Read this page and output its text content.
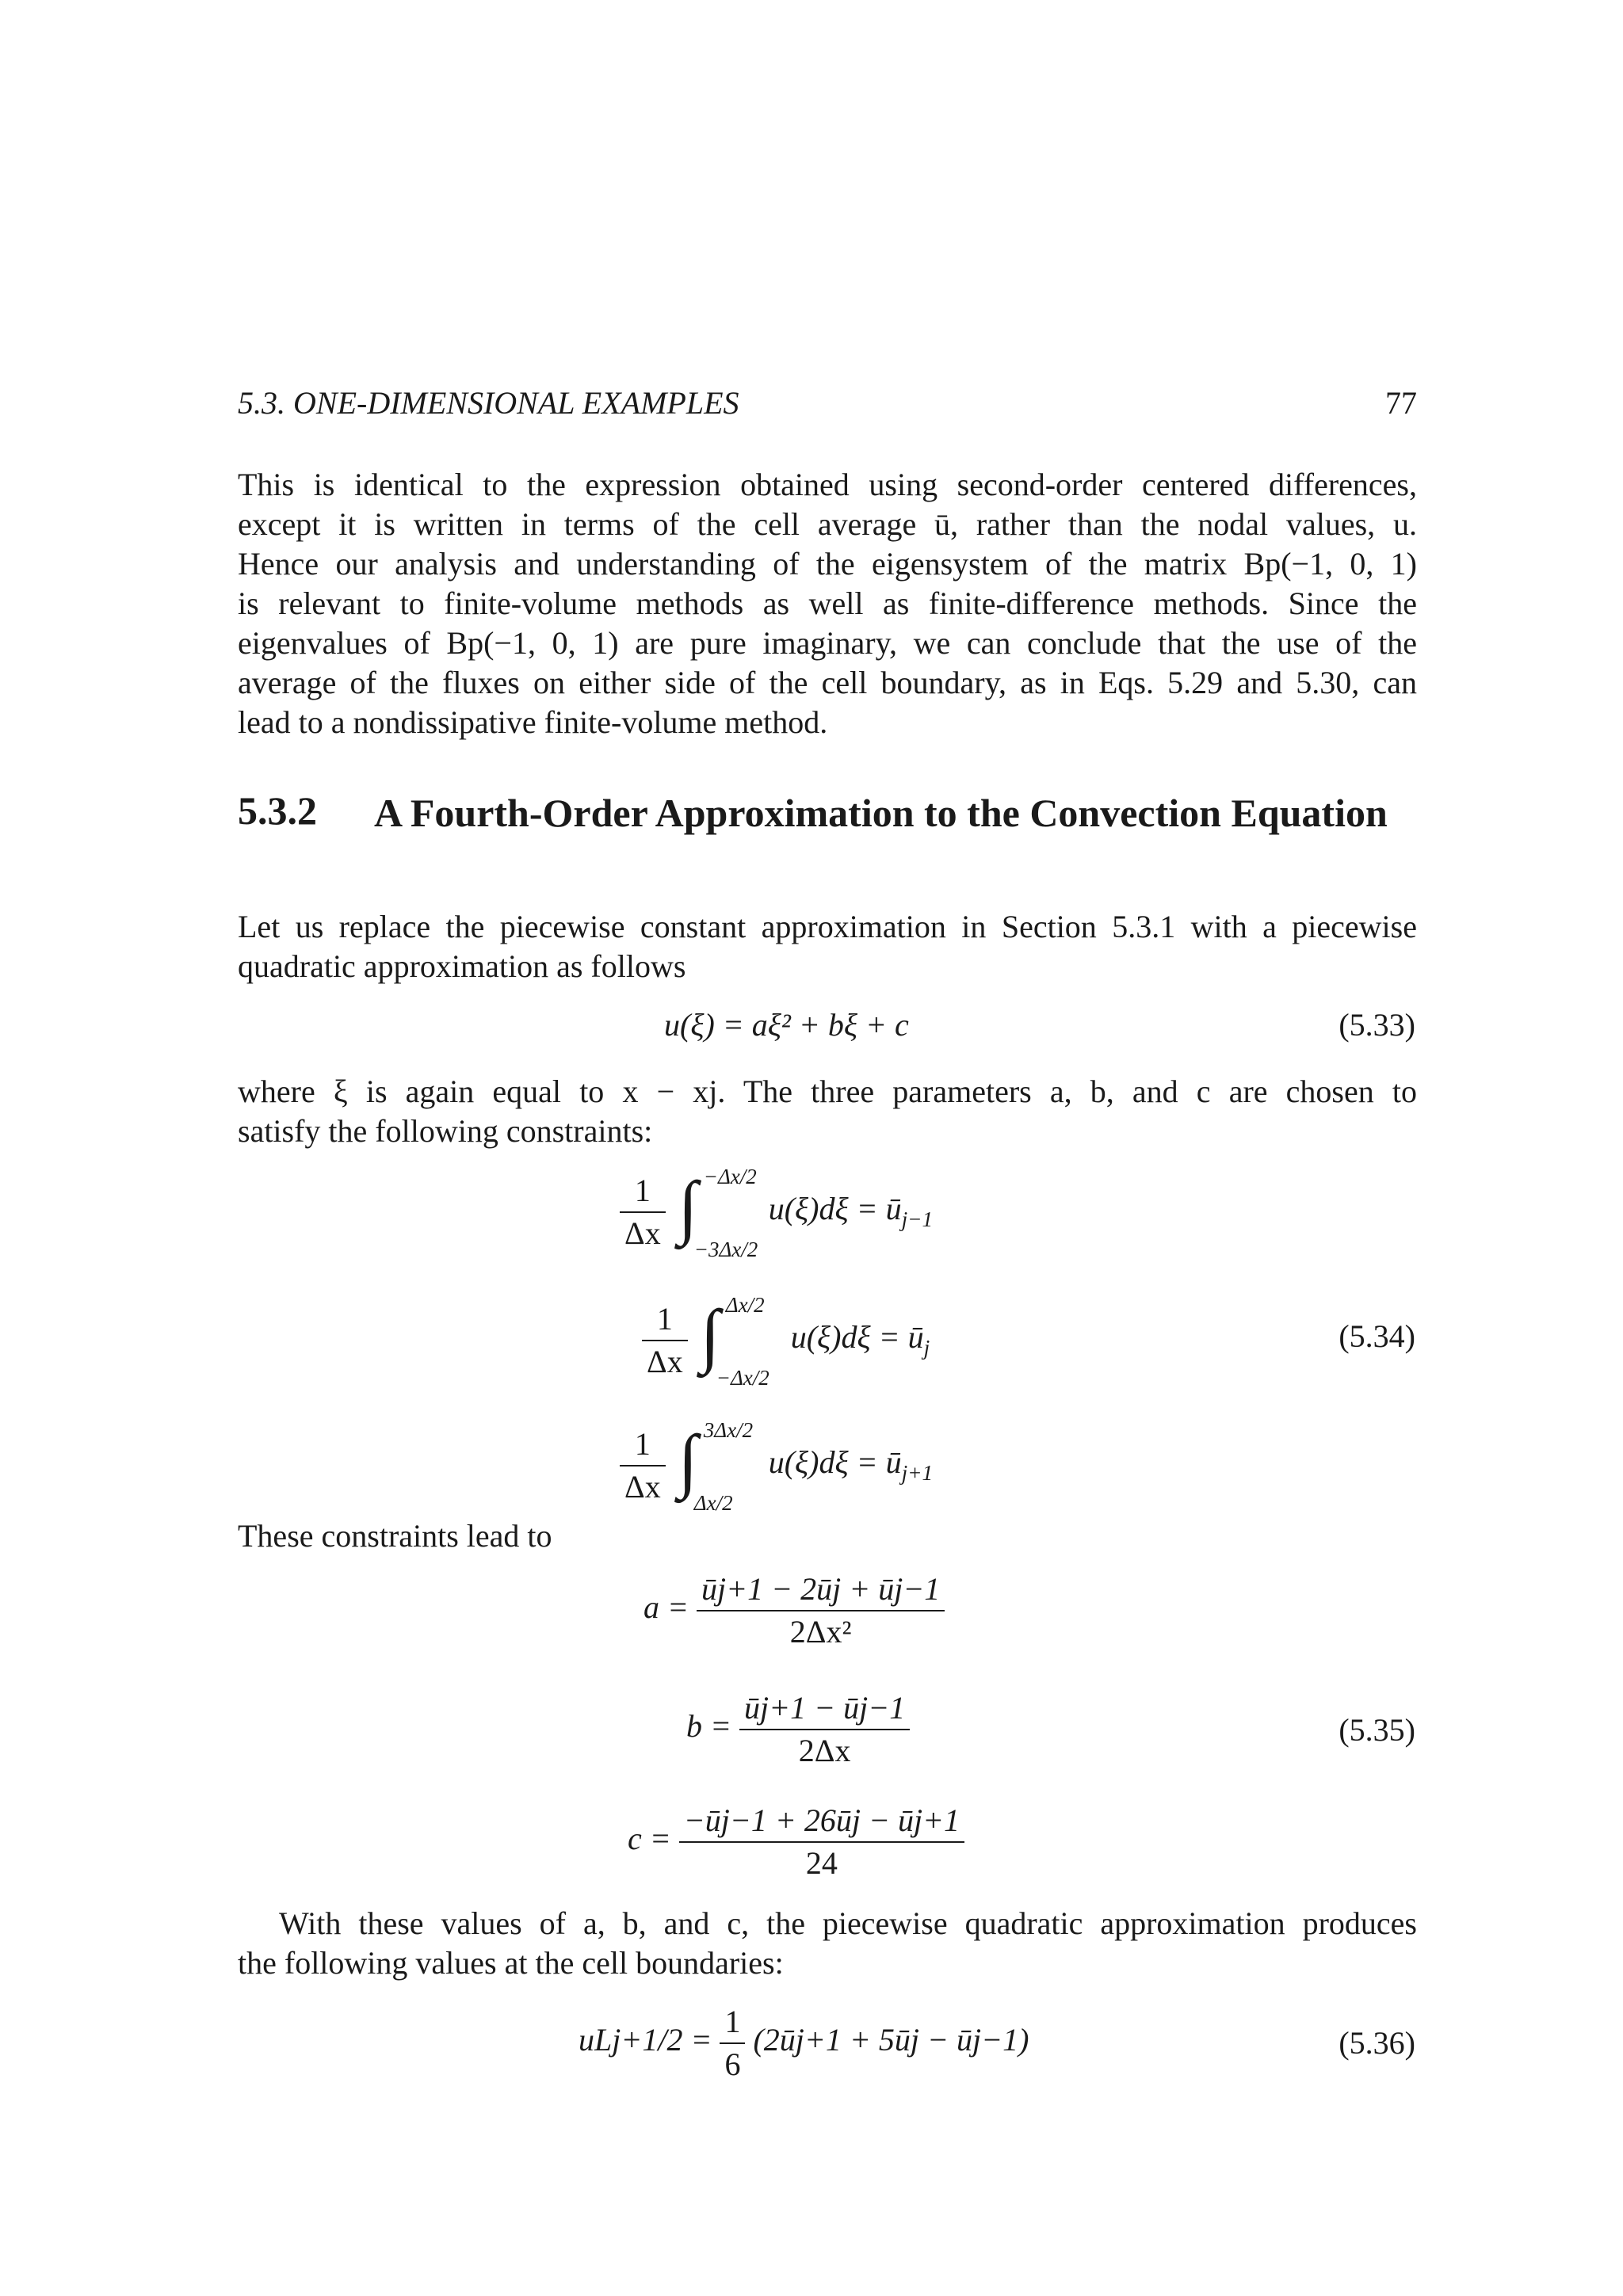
5.3. ONE-DIMENSIONAL EXAMPLES	77
This is identical to the expression obtained using second-order centered differences,
except it is written in terms of the cell average ū, rather than the nodal values, u.
Hence our analysis and understanding of the eigensystem of the matrix Bp(−1, 0, 1)
is relevant to finite-volume methods as well as finite-difference methods. Since the
eigenvalues of Bp(−1, 0, 1) are pure imaginary, we can conclude that the use of the
average of the fluxes on either side of the cell boundary, as in Eqs. 5.29 and 5.30, can
lead to a nondissipative finite-volume method.
5.3.2 A Fourth-Order Approximation to the Convection Equation
Let us replace the piecewise constant approximation in Section 5.3.1 with a piecewise
quadratic approximation as follows
u(ξ) = aξ² + bξ + c	(5.33)
where ξ is again equal to x − xj. The three parameters a, b, and c are chosen to
satisfy the following constraints:
$\frac{1}{\Delta x}$
∫ −Δx/2
−3Δx/2
$u(\xi)d\xi = ū_{j-1}$
$\frac{1}{\Delta x}$
∫ Δx/2
−Δx/2
$u(\xi)d\xi = ū_j$	(5.34)
$\frac{1}{\Delta x}$
∫ 3Δx/2
Δx/2
$u(\xi)d\xi = ū_{j+1}$
These constraints lead to
$a = \frac{ūj+1 - 2ūj + ūj-1}{\text{2Δx²}}$
$b = \frac{ūj+1 - ūj-1}{2\Delta x}$	(5.35)
$c = \frac{-ūj-1 + 26ūj - ūj+1}{24}$
With these values of a, b, and c, the piecewise quadratic approximation produces
the following values at the cell boundaries:
$uLj+1/2 = \frac{1}{6}$ (2ūj+1 + 5ūj − ūj−1)	(5.36)
